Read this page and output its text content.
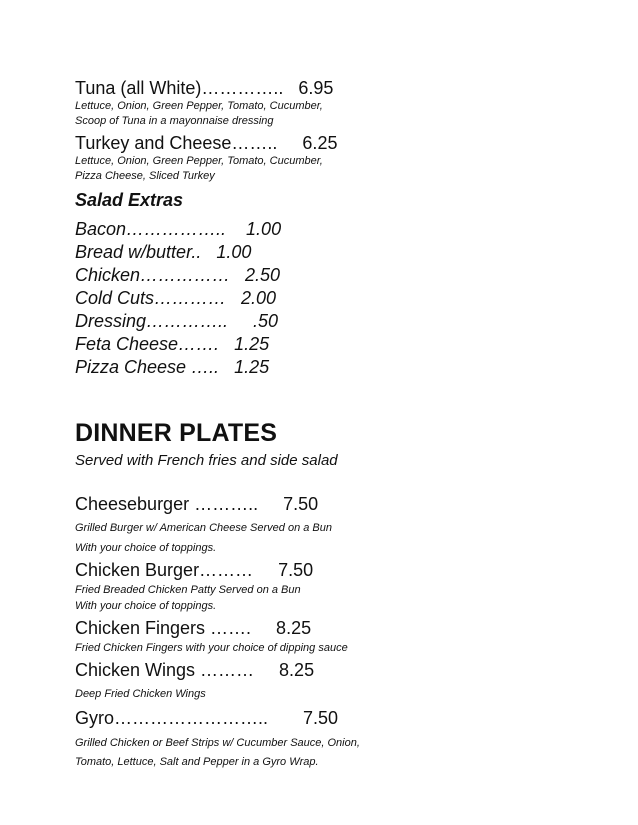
Tuna (all White)…………..   6.95
Lettuce, Onion, Green Pepper, Tomato, Cucumber,
Scoop of Tuna in a mayonnaise dressing
Turkey and Cheese……..     6.25
Lettuce, Onion, Green Pepper, Tomato, Cucumber,
Pizza Cheese, Sliced Turkey
Salad Extras
Bacon……………..    1.00
Bread w/butter..   1.00
Chicken……………   2.50
Cold Cuts…………   2.00
Dressing…………..     .50
Feta Cheese…….   1.25
Pizza Cheese …..   1.25
DINNER PLATES
Served with French fries and side salad
Cheeseburger ………..     7.50
Grilled Burger w/ American Cheese Served on a Bun
With your choice of toppings.
Chicken Burger………     7.50
Fried Breaded Chicken Patty Served on a Bun
With your choice of toppings.
Chicken Fingers …….     8.25
Fried Chicken Fingers with your choice of dipping sauce
Chicken Wings ………     8.25
Deep Fried Chicken Wings
Gyro……………………..       7.50
Grilled Chicken or Beef Strips w/ Cucumber Sauce, Onion,
Tomato, Lettuce, Salt and Pepper in a Gyro Wrap.
